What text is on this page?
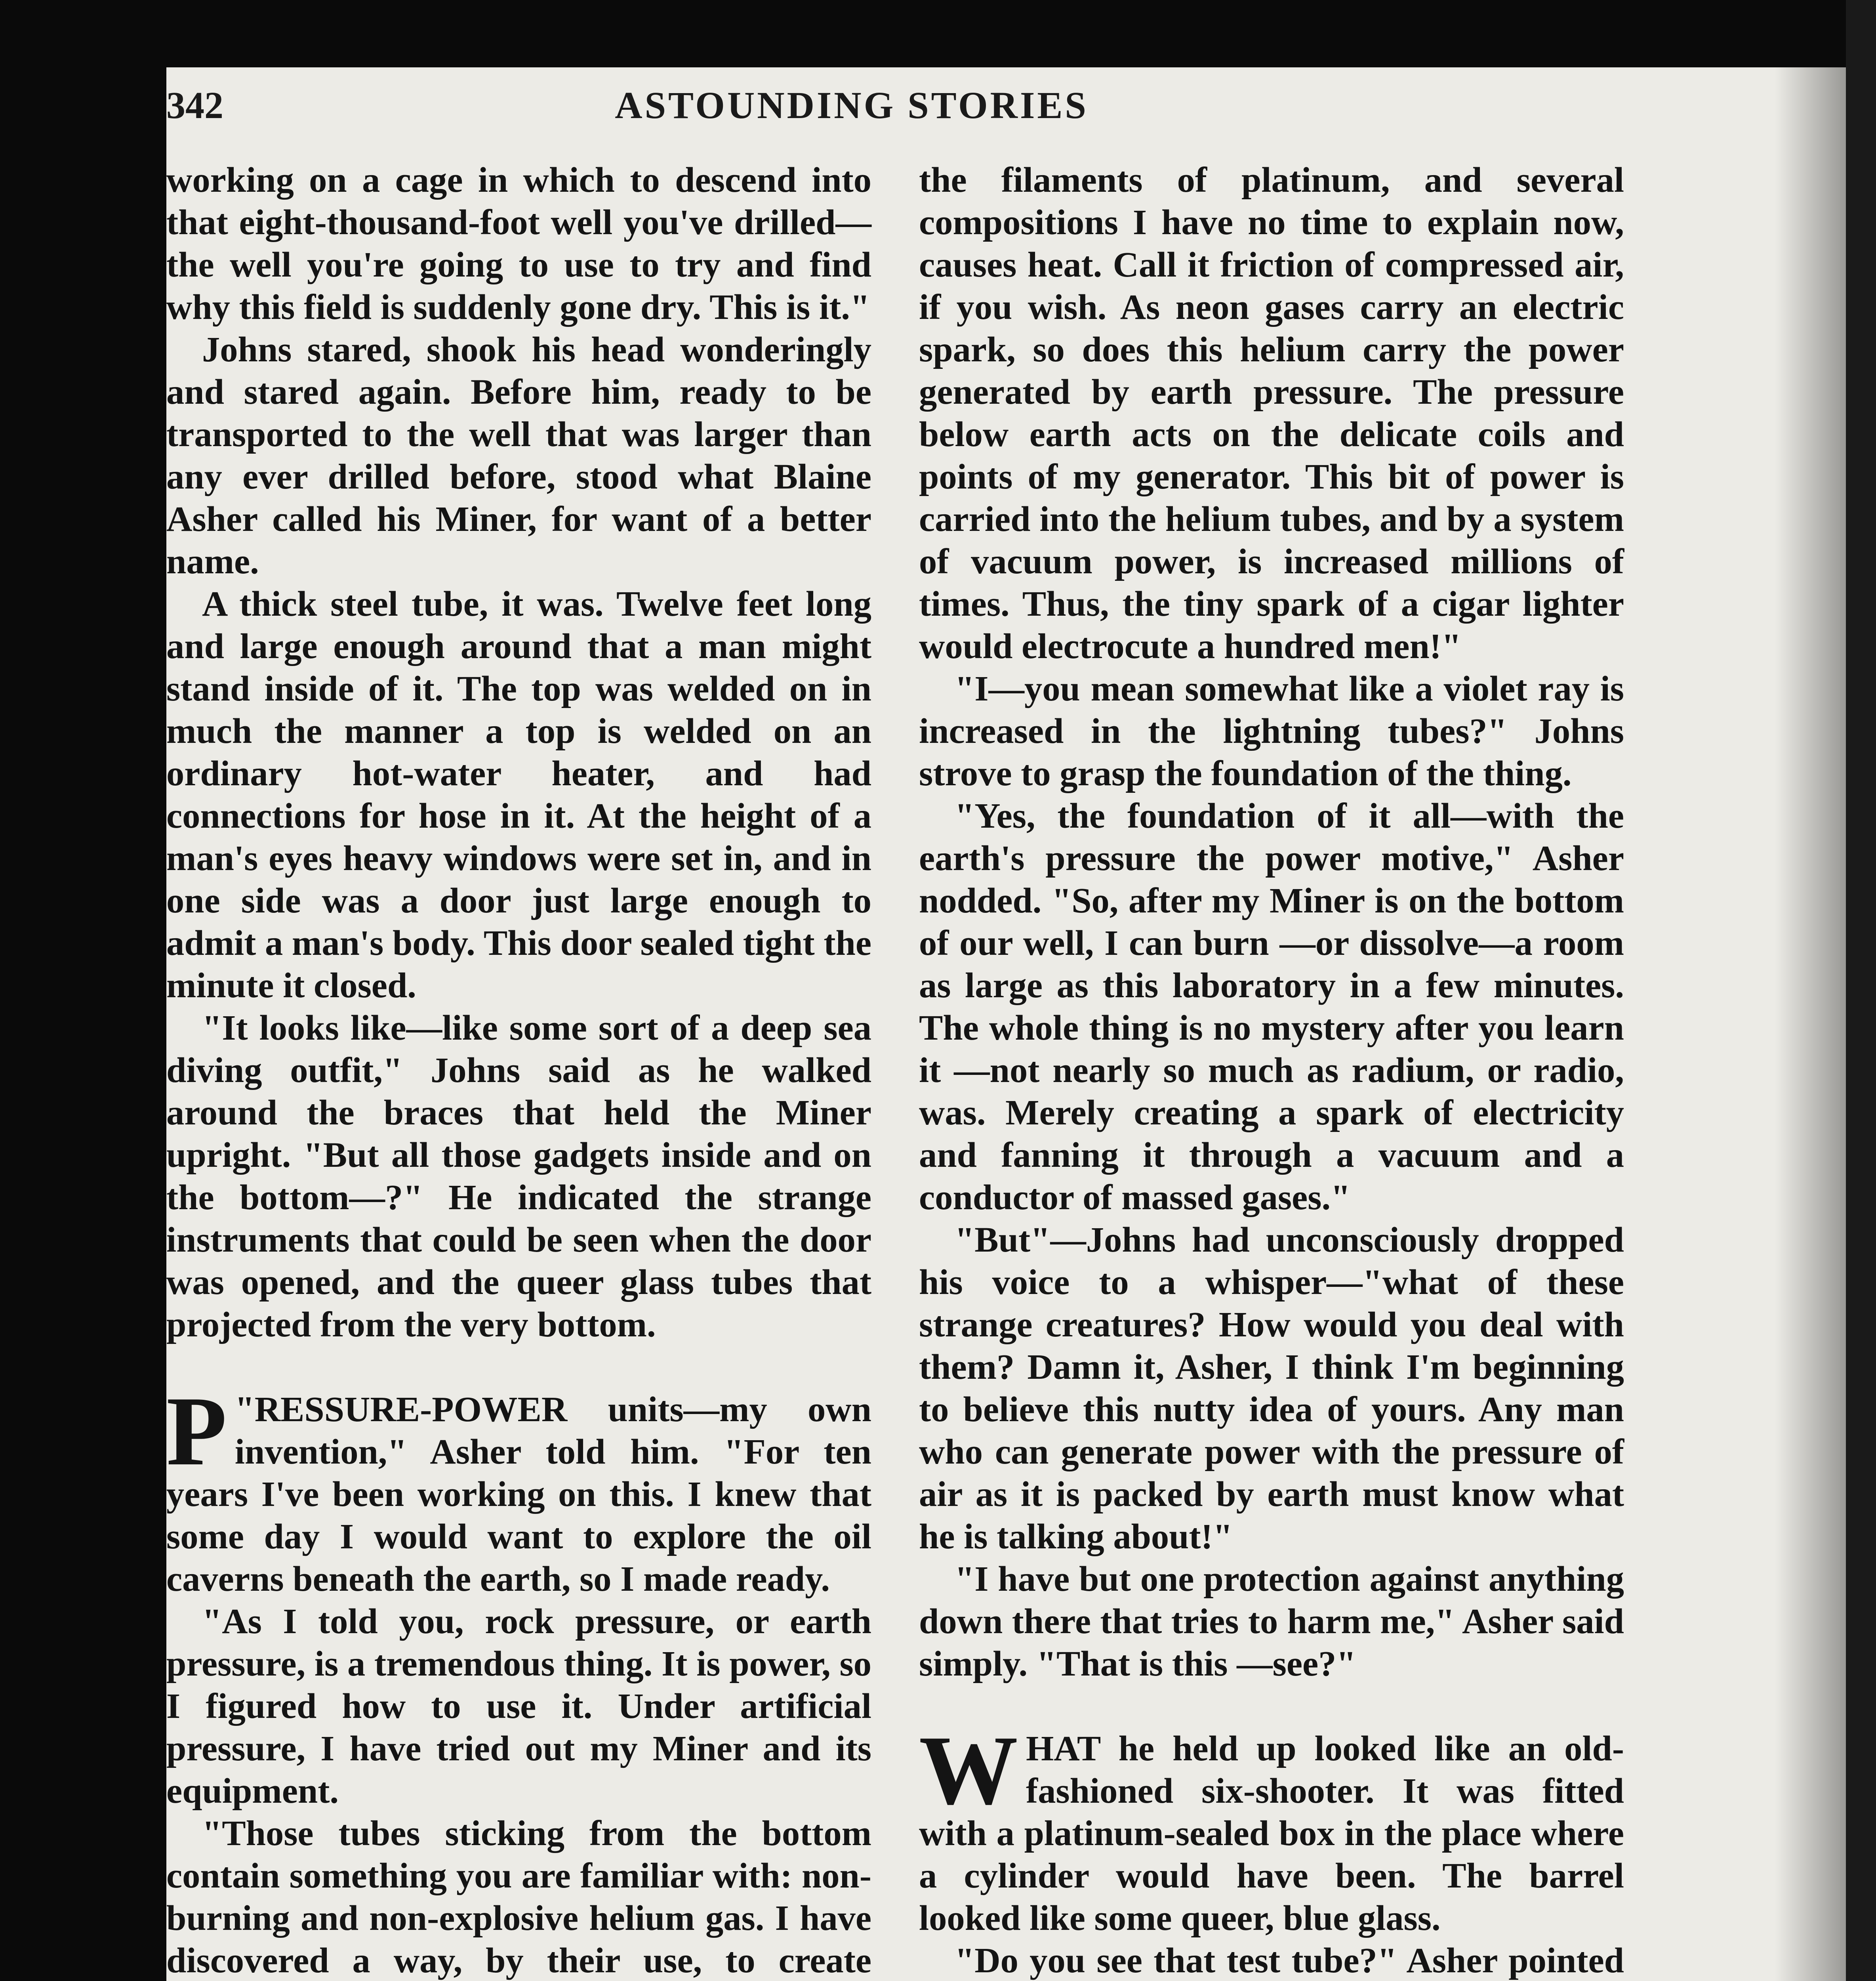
342	ASTOUNDING STORIES

working on a cage in which to descend into that eight-thousand-foot well you've drilled—the well you're going to use to try and find why this field is suddenly gone dry. This is it."

Johns stared, shook his head wonderingly and stared again. Before him, ready to be transported to the well that was larger than any ever drilled before, stood what Blaine Asher called his Miner, for want of a better name.

A thick steel tube, it was. Twelve feet long and large enough around that a man might stand inside of it. The top was welded on in much the manner a top is welded on an ordinary hot-water heater, and had connections for hose in it. At the height of a man's eyes heavy windows were set in, and in one side was a door just large enough to admit a man's body. This door sealed tight the minute it closed.

"It looks like—like some sort of a deep sea diving outfit," Johns said as he walked around the braces that held the Miner upright. "But all those gadgets inside and on the bottom—?" He indicated the strange instruments that could be seen when the door was opened, and the queer glass tubes that projected from the very bottom.

"
P RESSURE-POWER units—my own invention," Asher told him. "For ten years I've been working on this. I knew that some day I would want to explore the oil caverns beneath the earth, so I made ready.

"As I told you, rock pressure, or earth pressure, is a tremendous thing. It is power, so I figured how to use it. Under artificial pressure, I have tried out my Miner and its equipment.

"Those tubes sticking from the bottom contain something you are familiar with: non-burning and non-explosive helium gas. I have discovered a way, by their use, to create

the filaments of platinum, and several compositions I have no time to explain now, causes heat. Call it friction of compressed air, if you wish. As neon gases carry an electric spark, so does this helium carry the power generated by earth pressure. The pressure below earth acts on the delicate coils and points of my generator. This bit of power is carried into the helium tubes, and by a system of vacuum power, is increased millions of times. Thus, the tiny spark of a cigar lighter would electrocute a hundred men!"

"I—you mean somewhat like a violet ray is increased in the lightning tubes?" Johns strove to grasp the foundation of the thing.

"Yes, the foundation of it all—with the earth's pressure the power motive," Asher nodded. "So, after my Miner is on the bottom of our well, I can burn —or dissolve—a room as large as this laboratory in a few minutes. The whole thing is no mystery after you learn it —not nearly so much as radium, or radio, was. Merely creating a spark of electricity and fanning it through a vacuum and a conductor of massed gases."

"But"—Johns had unconsciously dropped his voice to a whisper—"what of these strange creatures? How would you deal with them? Damn it, Asher, I think I'm beginning to believe this nutty idea of yours. Any man who can generate power with the pressure of air as it is packed by earth must know what he is talking about!"

"I have but one protection against anything down there that tries to harm me," Asher said simply. "That is this —see?"

WHAT he held up looked like an old-fashioned six-shooter. It was fitted with a platinum-sealed box in the place where a cylinder would have been. The barrel looked like some queer, blue glass.

"Do you see that test tube?" Asher pointed
